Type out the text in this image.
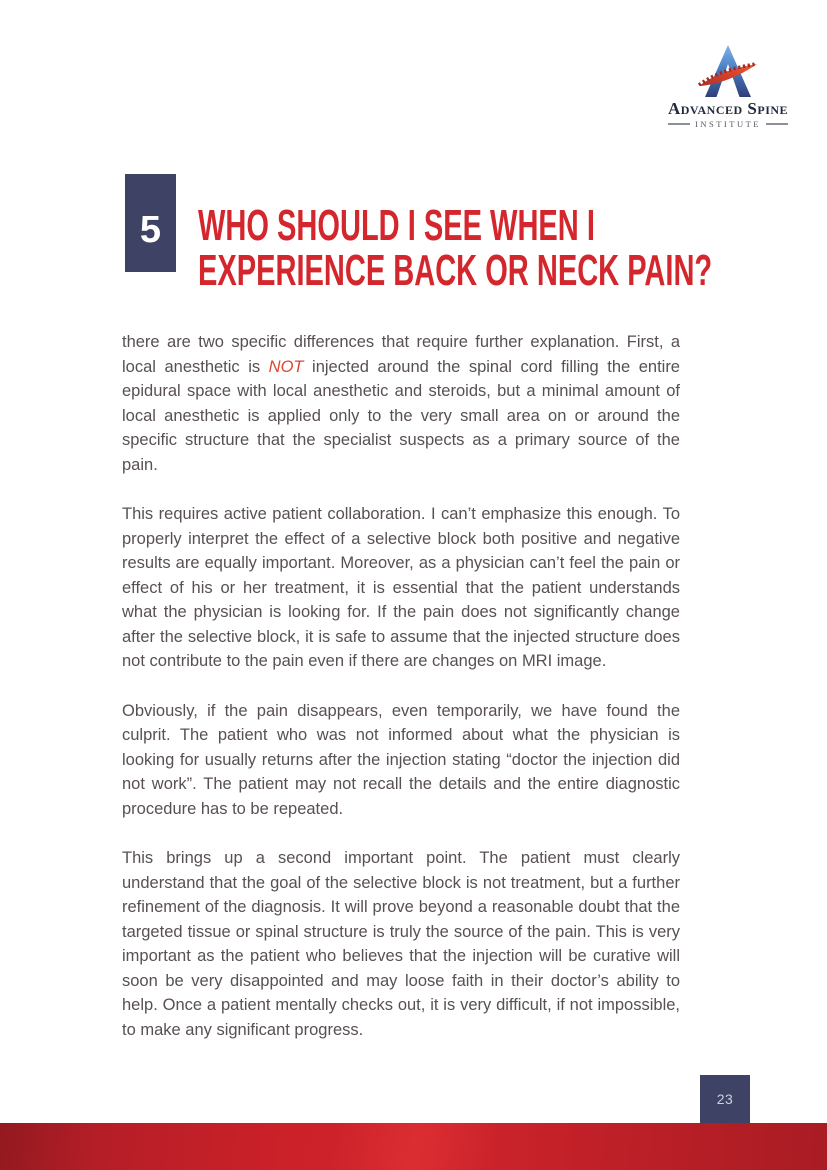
Advanced Spine
INSTITUTE
5 WHO SHOULD I SEE WHEN I
EXPERIENCE BACK OR NECK PAIN?

there are two specific differences that require further explanation. First, a local anesthetic is NOT injected around the spinal cord filling the entire epidural space with local anesthetic and steroids, but a minimal amount of local anesthetic is applied only to the very small area on or around the specific structure that the specialist suspects as a primary source of the pain.

This requires active patient collaboration. I can’t emphasize this enough. To properly interpret the effect of a selective block both positive and negative results are equally important. Moreover, as a physician can’t feel the pain or effect of his or her treatment, it is essential that the patient understands what the physician is looking for. If the pain does not significantly change after the selective block, it is safe to assume that the injected structure does not contribute to the pain even if there are changes on MRI image.

Obviously, if the pain disappears, even temporarily, we have found the culprit. The patient who was not informed about what the physician is looking for usually returns after the injection stating “doctor the injection did not work”. The patient may not recall the details and the entire diagnostic procedure has to be repeated.

This brings up a second important point. The patient must clearly understand that the goal of the selective block is not treatment, but a further refinement of the diagnosis. It will prove beyond a reasonable doubt that the targeted tissue or spinal structure is truly the source of the pain. This is very important as the patient who believes that the injection will be curative will soon be very disappointed and may loose faith in their doctor’s ability to help. Once a patient mentally checks out, it is very difficult, if not impossible, to make any significant progress.

23
